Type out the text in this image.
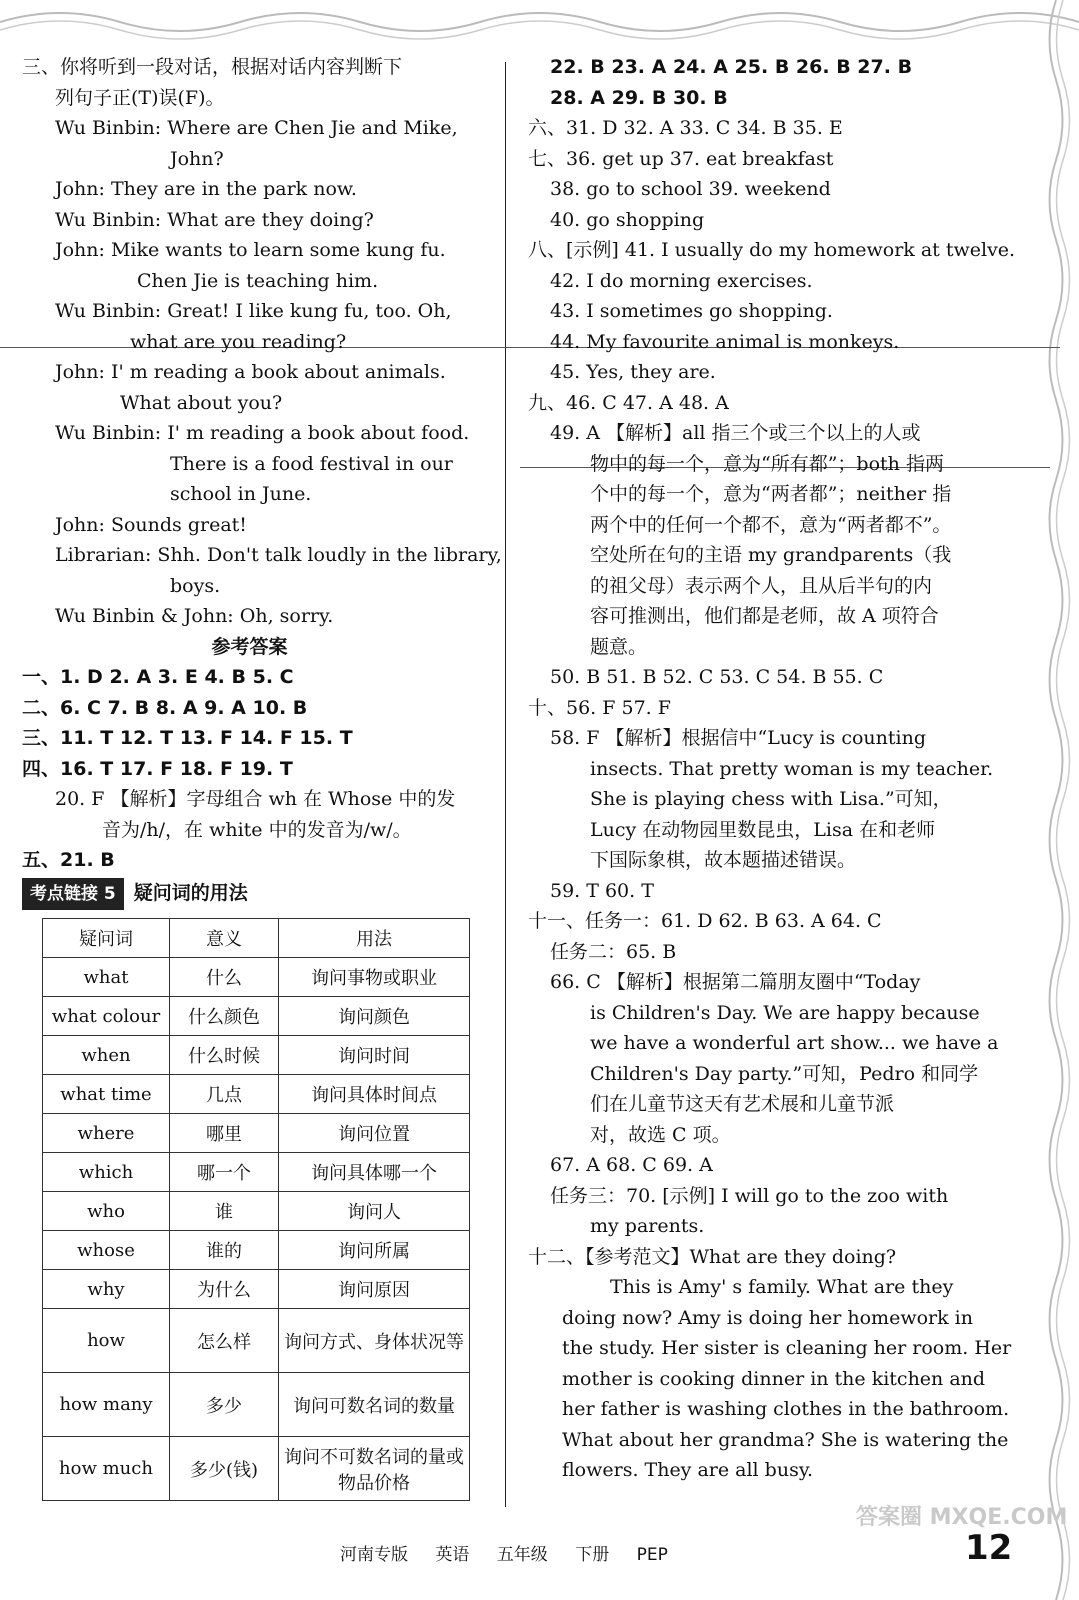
三、你将听到一段对话，根据对话内容判断下
列句子正(T)误(F)。
Wu Binbin: Where are Chen Jie and Mike,
John?
John: They are in the park now.
Wu Binbin: What are they doing?
John: Mike wants to learn some kung fu.
Chen Jie is teaching him.
Wu Binbin: Great! I like kung fu, too. Oh,
what are you reading?
John: I' m reading a book about animals.
What about you?
Wu Binbin: I' m reading a book about food.
There is a food festival in our
school in June.
John: Sounds great!
Librarian: Shh. Don't talk loudly in the library,
boys.
Wu Binbin & John: Oh, sorry.
参考答案
一、1. D 2. A 3. E 4. B 5. C
二、6. C 7. B 8. A 9. A 10. B
三、11. T 12. T 13. F 14. F 15. T
四、16. T 17. F 18. F 19. T
20. F 【解析】字母组合 wh 在 Whose 中的发
音为/h/，在 white 中的发音为/w/。
五、21. B
考点链接 5 疑问词的用法
疑问词	意义	用法
what	什么	询问事物或职业
what colour	什么颜色	询问颜色
when	什么时候	询问时间
what time	几点	询问具体时间点
where	哪里	询问位置
which	哪一个	询问具体哪一个
who	谁	询问人
whose	谁的	询问所属
why	为什么	询问原因
how	怎么样	询问方式、身体状况等
how many	多少	询问可数名词的数量
how much	多少(钱)	询问不可数名词的量或物品价格
22. B 23. A 24. A 25. B 26. B 27. B
28. A 29. B 30. B
六、31. D 32. A 33. C 34. B 35. E
七、36. get up 37. eat breakfast
38. go to school 39. weekend
40. go shopping
八、[示例] 41. I usually do my homework at twelve.
42. I do morning exercises.
43. I sometimes go shopping.
44. My favourite animal is monkeys.
45. Yes, they are.
九、46. C 47. A 48. A
49. A 【解析】all 指三个或三个以上的人或
物中的每一个，意为“所有都”；both 指两
个中的每一个，意为“两者都”；neither 指
两个中的任何一个都不，意为“两者都不”。
空处所在句的主语 my grandparents（我
的祖父母）表示两个人，且从后半句的内
容可推测出，他们都是老师，故 A 项符合
题意。
50. B 51. B 52. C 53. C 54. B 55. C
十、56. F 57. F
58. F 【解析】根据信中“Lucy is counting
insects. That pretty woman is my teacher.
She is playing chess with Lisa.”可知，
Lucy 在动物园里数昆虫，Lisa 在和老师
下国际象棋，故本题描述错误。
59. T 60. T
十一、任务一：61. D 62. B 63. A 64. C
任务二：65. B
66. C 【解析】根据第二篇朋友圈中“Today
is Children's Day. We are happy because
we have a wonderful art show... we have a
Children's Day party.”可知，Pedro 和同学
们在儿童节这天有艺术展和儿童节派
对，故选 C 项。
67. A 68. C 69. A
任务三：70. [示例] I will go to the zoo with
my parents.
十二、【参考范文】What are they doing?
This is Amy' s family. What are they
doing now? Amy is doing her homework in
the study. Her sister is cleaning her room. Her
mother is cooking dinner in the kitchen and
her father is washing clothes in the bathroom.
What about her grandma? She is watering the
flowers. They are all busy.
答案圈 MXQE.COM
河南专版 英语 五年级 下册 PEP	12
